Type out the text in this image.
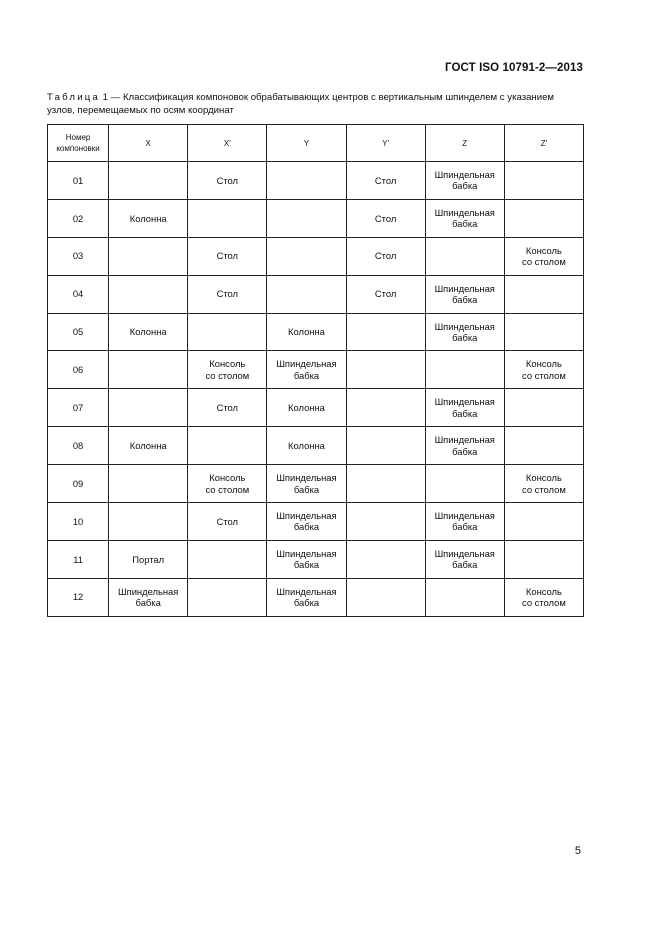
ГОСТ ISO 10791-2—2013
Таблица 1 — Классификация компоновок обрабатывающих центров с вертикальным шпинделем с указанием
узлов, перемещаемых по осям координат
Номер
компоновки	X	X'	Y	Y'	Z	Z'
01		Стол		Стол	Шпиндельная
бабка	
02	Колонна			Стол	Шпиндельная
бабка	
03		Стол		Стол		Консоль
со столом
04		Стол		Стол	Шпиндельная
бабка	
05	Колонна		Колонна		Шпиндельная
бабка	
06		Консоль
со столом	Шпиндельная
бабка			Консоль
со столом
07		Стол	Колонна		Шпиндельная
бабка	
08	Колонна		Колонна		Шпиндельная
бабка	
09		Консоль
со столом	Шпиндельная
бабка			Консоль
со столом
10		Стол	Шпиндельная
бабка		Шпиндельная
бабка	
11	Портал		Шпиндельная
бабка		Шпиндельная
бабка	
12	Шпиндельная
бабка		Шпиндельная
бабка			Консоль
со столом
5
